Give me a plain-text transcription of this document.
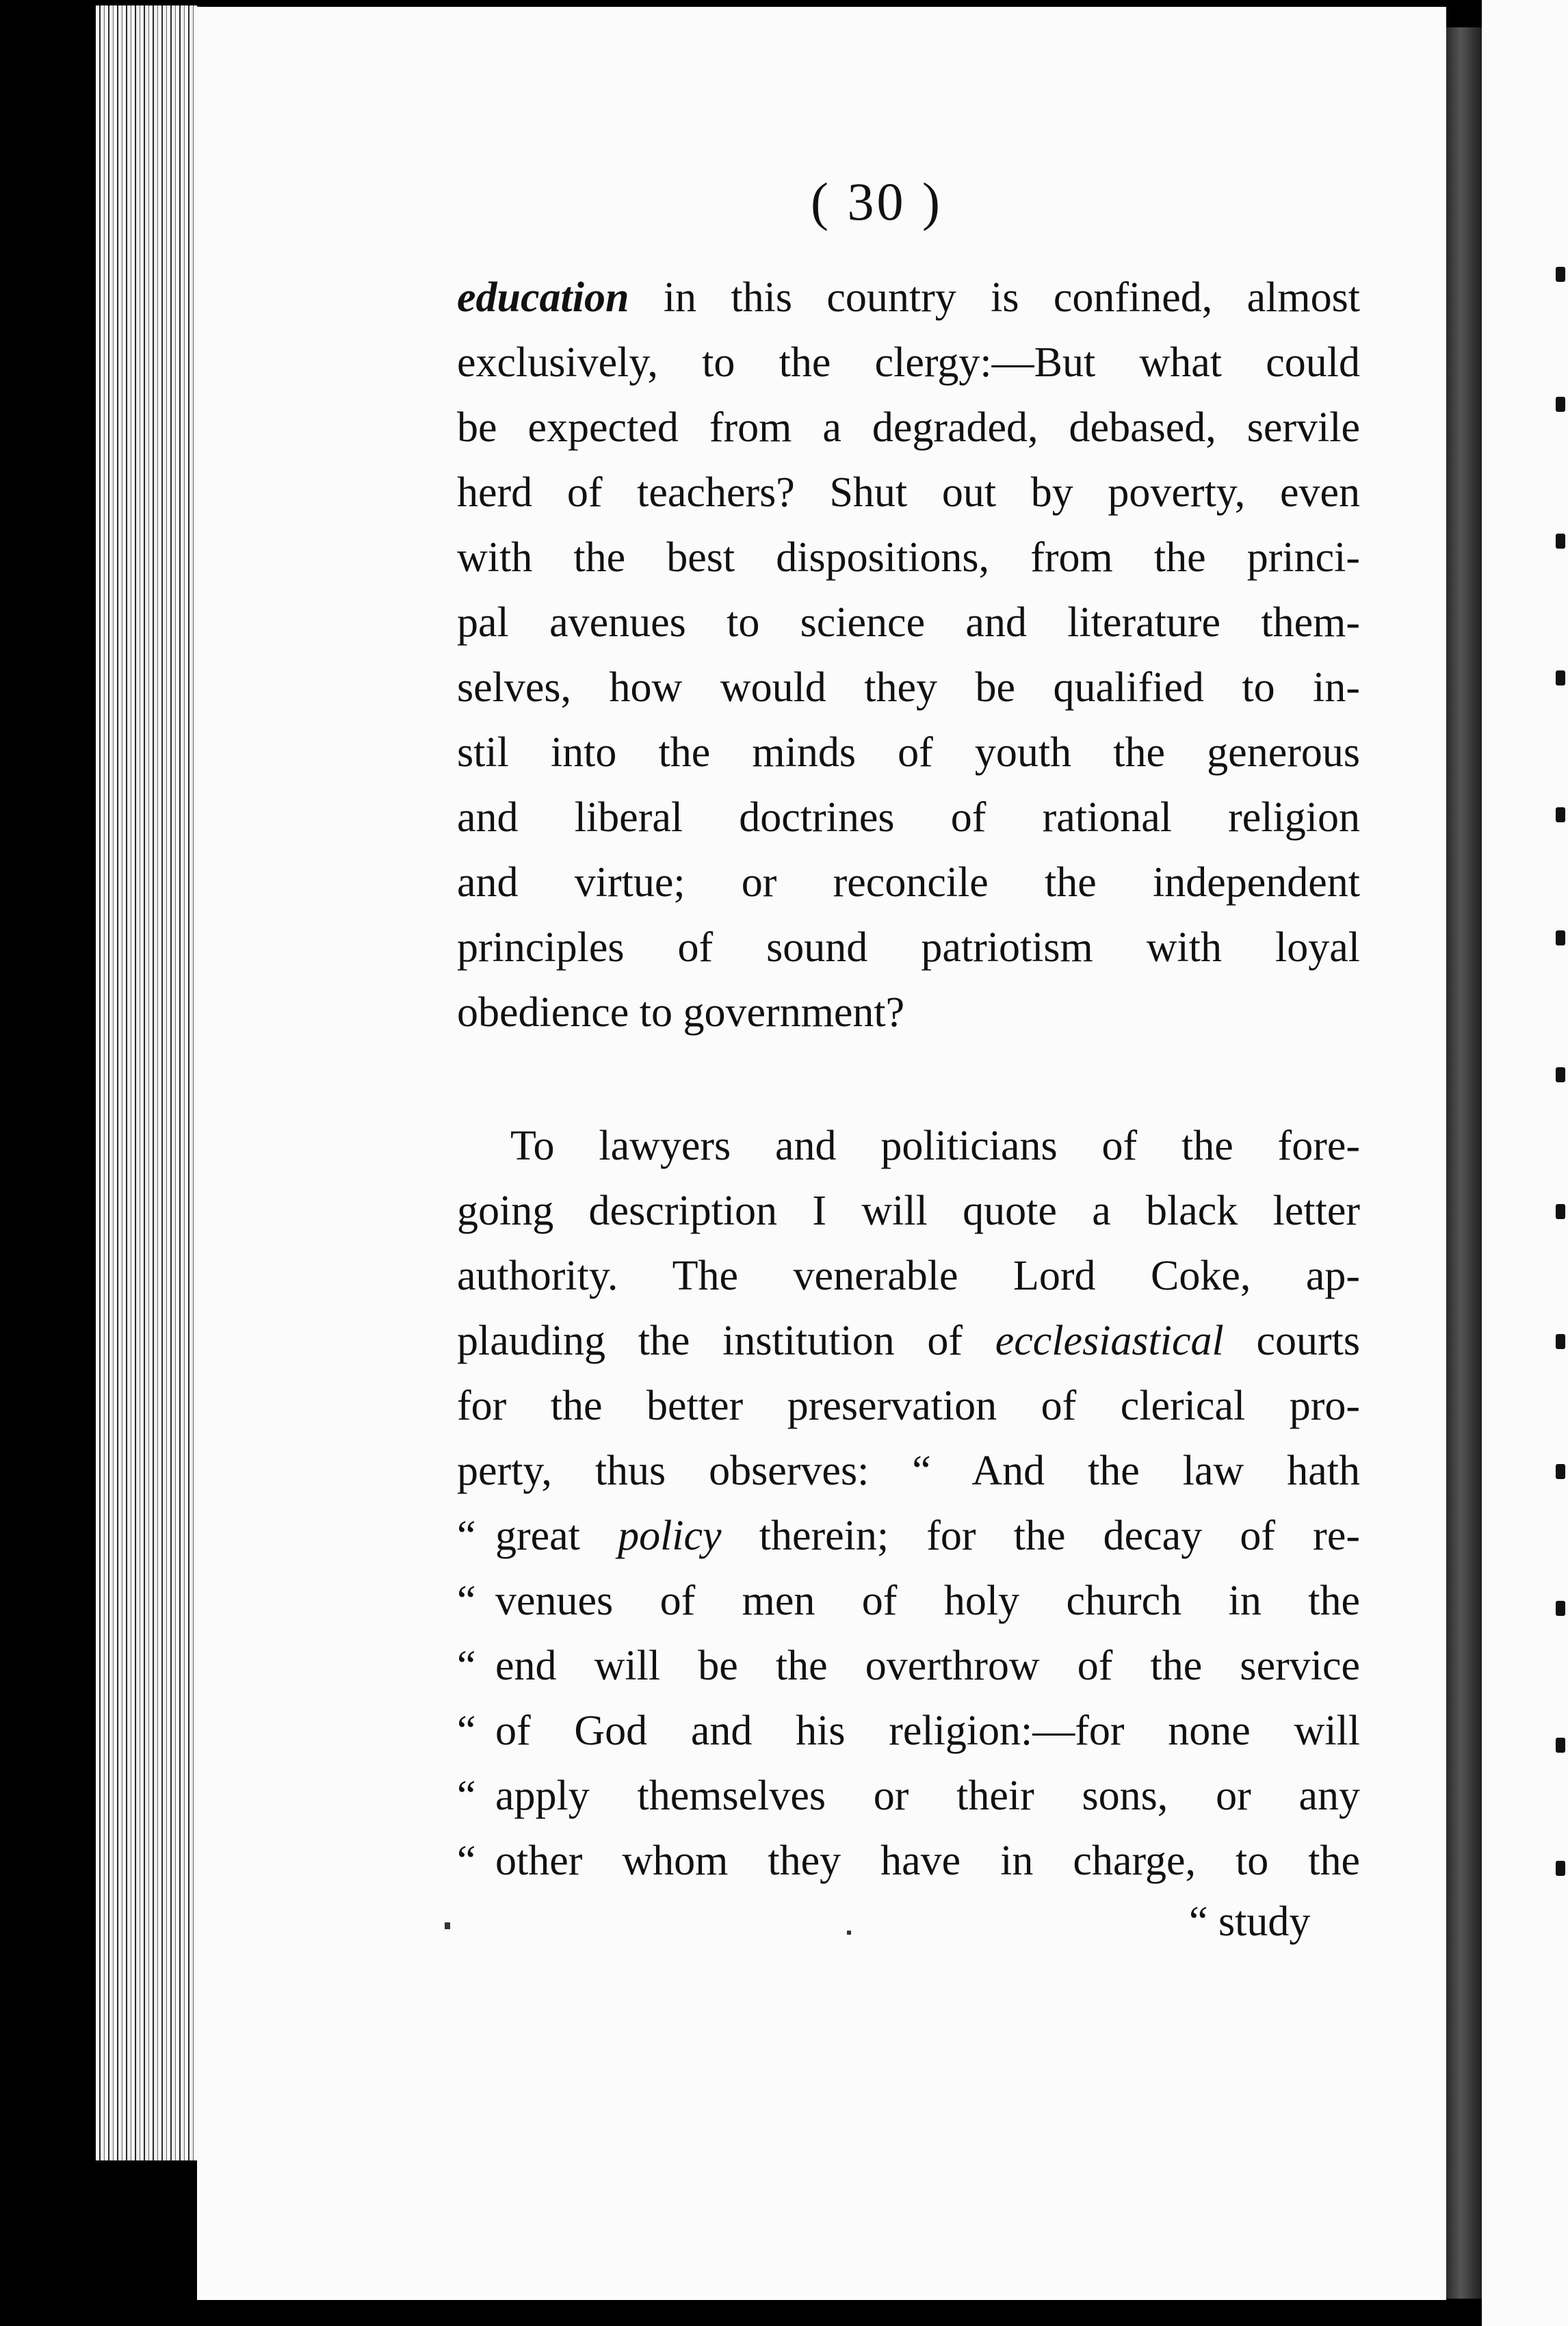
( 30 )
education in this country is confined, almost
exclusively, to the clergy:—But what could
be expected from a degraded, debased, servile
herd of teachers? Shut out by poverty, even
with the best dispositions, from the princi-
pal avenues to science and literature them-
selves, how would they be qualified to in-
stil into the minds of youth the generous
and liberal doctrines of rational religion
and virtue; or reconcile the independent
principles of sound patriotism with loyal
obedience to government?
To lawyers and politicians of the fore-
going description I will quote a black letter
authority. The venerable Lord Coke, ap-
plauding the institution of ecclesiastical courts
for the better preservation of clerical pro-
perty, thus observes: “ And the law hath
“ great policy therein; for the decay of re-
“ venues of men of holy church in the
“ end will be the overthrow of the service
“ of God and his religion:—for none will
“ apply themselves or their sons, or any
“ other whom they have in charge, to the
“ study
